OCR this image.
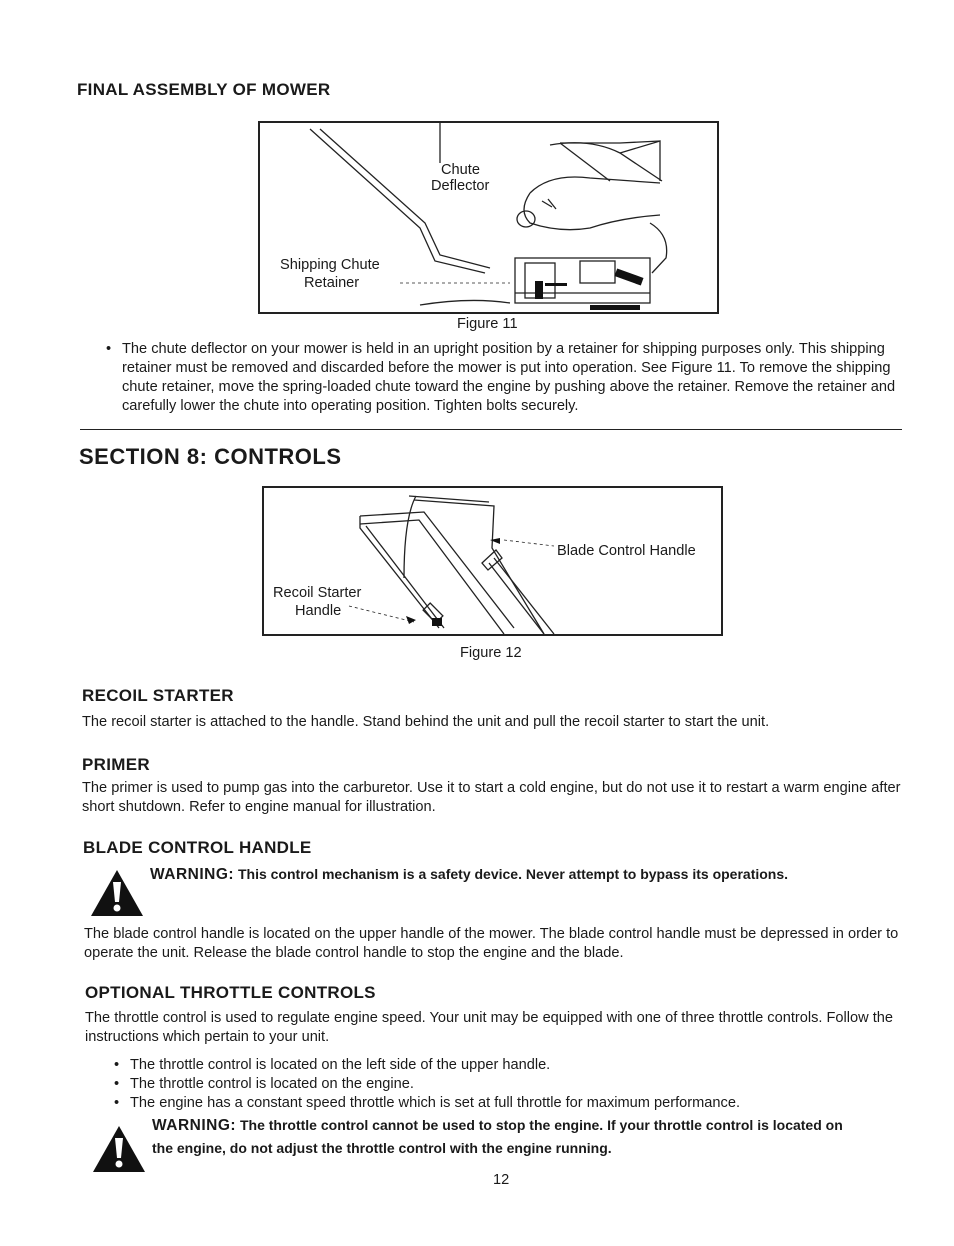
FINAL ASSEMBLY OF MOWER
Chute
Deflector
Shipping Chute
Retainer
Figure 11
• The chute deflector on your mower is held in an upright position by a retainer for shipping purposes only. This shipping retainer must be removed and discarded before the mower is put into operation. See Figure 11. To remove the shipping chute retainer, move the spring-loaded chute toward the engine by pushing above the retainer. Remove the retainer and carefully lower the chute into operating position. Tighten bolts securely.
SECTION 8: CONTROLS
Blade Control Handle
Recoil Starter
Handle
Figure 12
RECOIL STARTER
The recoil starter is attached to the handle. Stand behind the unit and pull the recoil starter to start the unit.
PRIMER
The primer is used to pump gas into the carburetor. Use it to start a cold engine, but do not use it to restart a warm engine after short shutdown. Refer to engine manual for illustration.
BLADE CONTROL HANDLE
WARNING: This control mechanism is a safety device. Never attempt to bypass its operations.
The blade control handle is located on the upper handle of the mower. The blade control handle must be depressed in order to operate the unit. Release the blade control handle to stop the engine and the blade.
OPTIONAL THROTTLE CONTROLS
The throttle control is used to regulate engine speed. Your unit may be equipped with one of three throttle controls. Follow the instructions which pertain to your unit.
• The throttle control is located on the left side of the upper handle.
• The throttle control is located on the engine.
• The engine has a constant speed throttle which is set at full throttle for maximum performance.
WARNING: The throttle control cannot be used to stop the engine. If your throttle control is located on
the engine, do not adjust the throttle control with the engine running.
12
